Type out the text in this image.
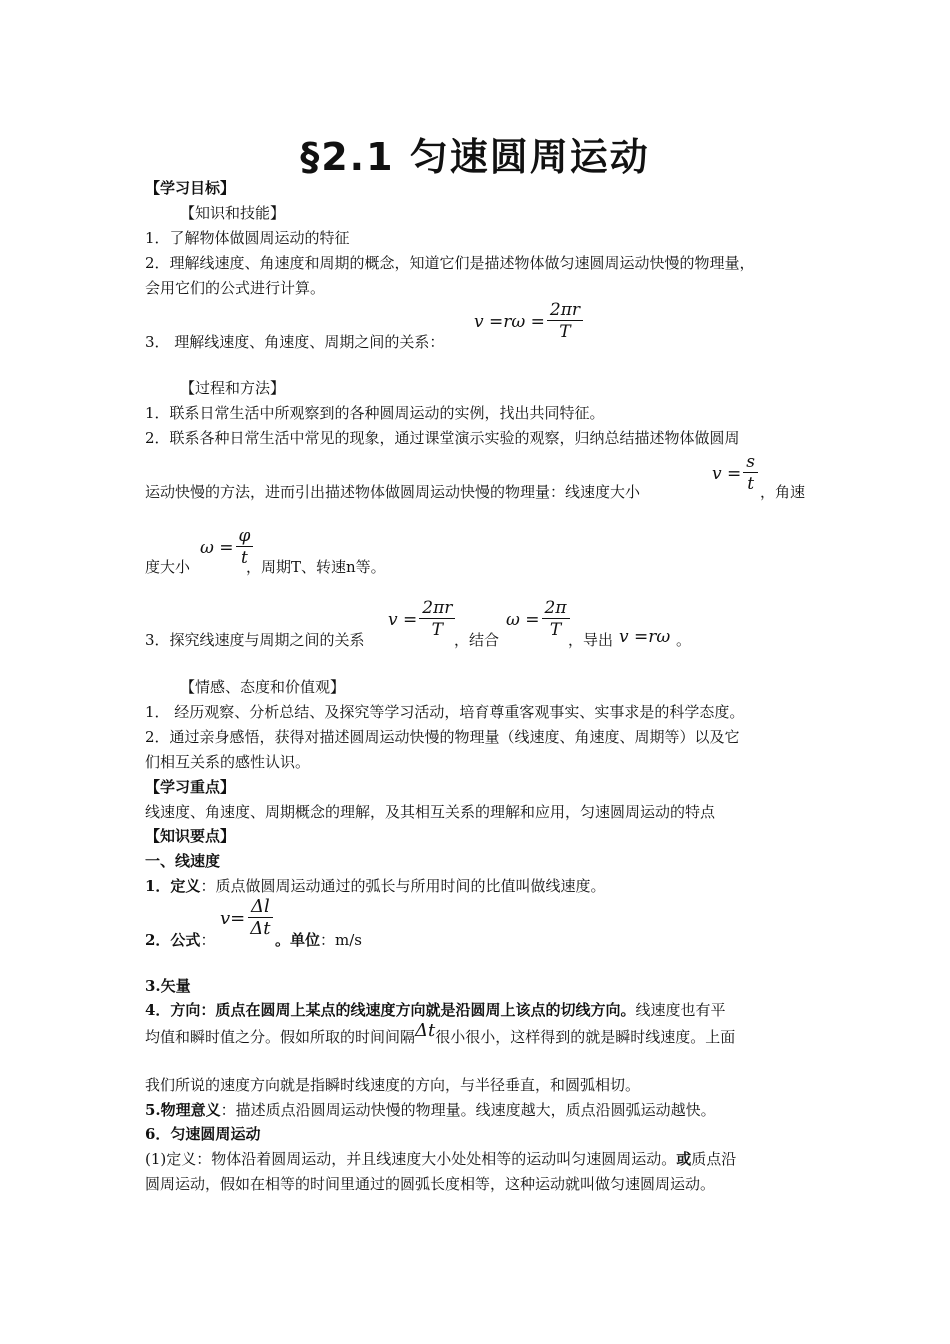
§2.1 匀速圆周运动
【学习目标】
【知识和技能】
1．了解物体做圆周运动的特征
2．理解线速度、角速度和周期的概念，知道它们是描述物体做匀速圆周运动快慢的物理量，
会用它们的公式进行计算。
3． 理解线速度、角速度、周期之间的关系：
$v =r\omega = \frac{2\pi r}{T}$
【过程和方法】
1．联系日常生活中所观察到的各种圆周运动的实例，找出共同特征。
2．联系各种日常生活中常见的现象，通过课堂演示实验的观察，归纳总结描述物体做圆周
运动快慢的方法，进而引出描述物体做圆周运动快慢的物理量：线速度大小
$v = \frac{s}{t}$ ，角速
度大小
$\omega = \frac{\varphi}{t}$
，周期T、转速n等。
3．探究线速度与周期之间的关系
$v = \frac{2\pi r}{T}$
，结合
$\omega = \frac{2\pi}{T}$
，导出 v =rω 。
【情感、态度和价值观】
1． 经历观察、分析总结、及探究等学习活动，培育尊重客观事实、实事求是的科学态度。
2．通过亲身感悟，获得对描述圆周运动快慢的物理量（线速度、角速度、周期等）以及它
们相互关系的感性认识。
【学习重点】
线速度、角速度、周期概念的理解，及其相互关系的理解和应用，匀速圆周运动的特点
【知识要点】
一、线速度
1．定义：质点做圆周运动通过的弧长与所用时间的比值叫做线速度。
2．公式：
$v= \frac{\Delta l}{\Delta t}$ 。单位：m/s
3.矢量
4．方向：质点在圆周上某点的线速度方向就是沿圆周上该点的切线方向。线速度也有平
均值和瞬时值之分。假如所取的时间间隔Δt很小很小，这样得到的就是瞬时线速度。上面
我们所说的速度方向就是指瞬时线速度的方向，与半径垂直，和圆弧相切。
5.物理意义：描述质点沿圆周运动快慢的物理量。线速度越大，质点沿圆弧运动越快。
6．匀速圆周运动
(1)定义：物体沿着圆周运动，并且线速度大小处处相等的运动叫匀速圆周运动。或质点沿
圆周运动，假如在相等的时间里通过的圆弧长度相等，这种运动就叫做匀速圆周运动。
